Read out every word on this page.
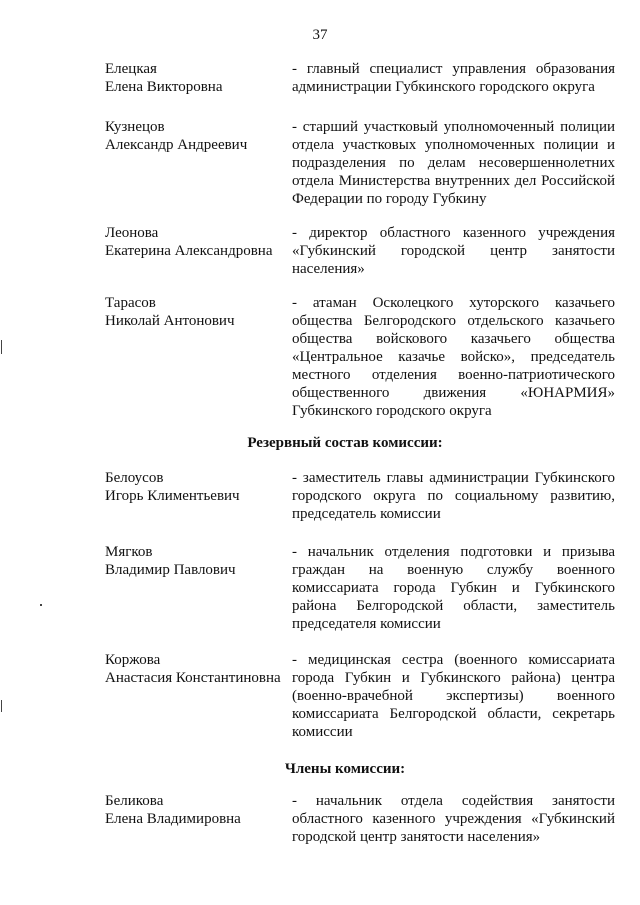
37
Елецкая
Елена Викторовна
- главный специалист управления образования администрации Губкинского городского округа
Кузнецов
Александр Андреевич
- старший участковый уполномоченный полиции отдела участковых уполномоченных полиции и подразделения по делам несовершеннолетних отдела Министерства внутренних дел Российской Федерации по городу Губкину
Леонова
Екатерина Александровна
- директор областного казенного учреждения «Губкинский городской центр занятости населения»
Тарасов
Николай Антонович
- атаман Осколецкого хуторского казачьего общества Белгородского отдельского казачьего общества войскового казачьего общества «Центральное казачье войско», председатель местного отделения военно-патриотического общественного движения «ЮНАРМИЯ» Губкинского городского округа
Резервный состав комиссии:
Белоусов
Игорь Климентьевич
- заместитель главы администрации Губкинского городского округа по социальному развитию, председатель комиссии
Мягков
Владимир Павлович
- начальник отделения подготовки и призыва граждан на военную службу военного комиссариата города Губкин и Губкинского района Белгородской области, заместитель председателя комиссии
Коржова
Анастасия Константиновна
- медицинская сестра (военного комиссариата города Губкин и Губкинского района) центра (военно-врачебной экспертизы) военного комиссариата Белгородской области, секретарь комиссии
Члены комиссии:
Беликова
Елена Владимировна
- начальник отдела содействия занятости областного казенного учреждения «Губкинский городской центр занятости населения»
